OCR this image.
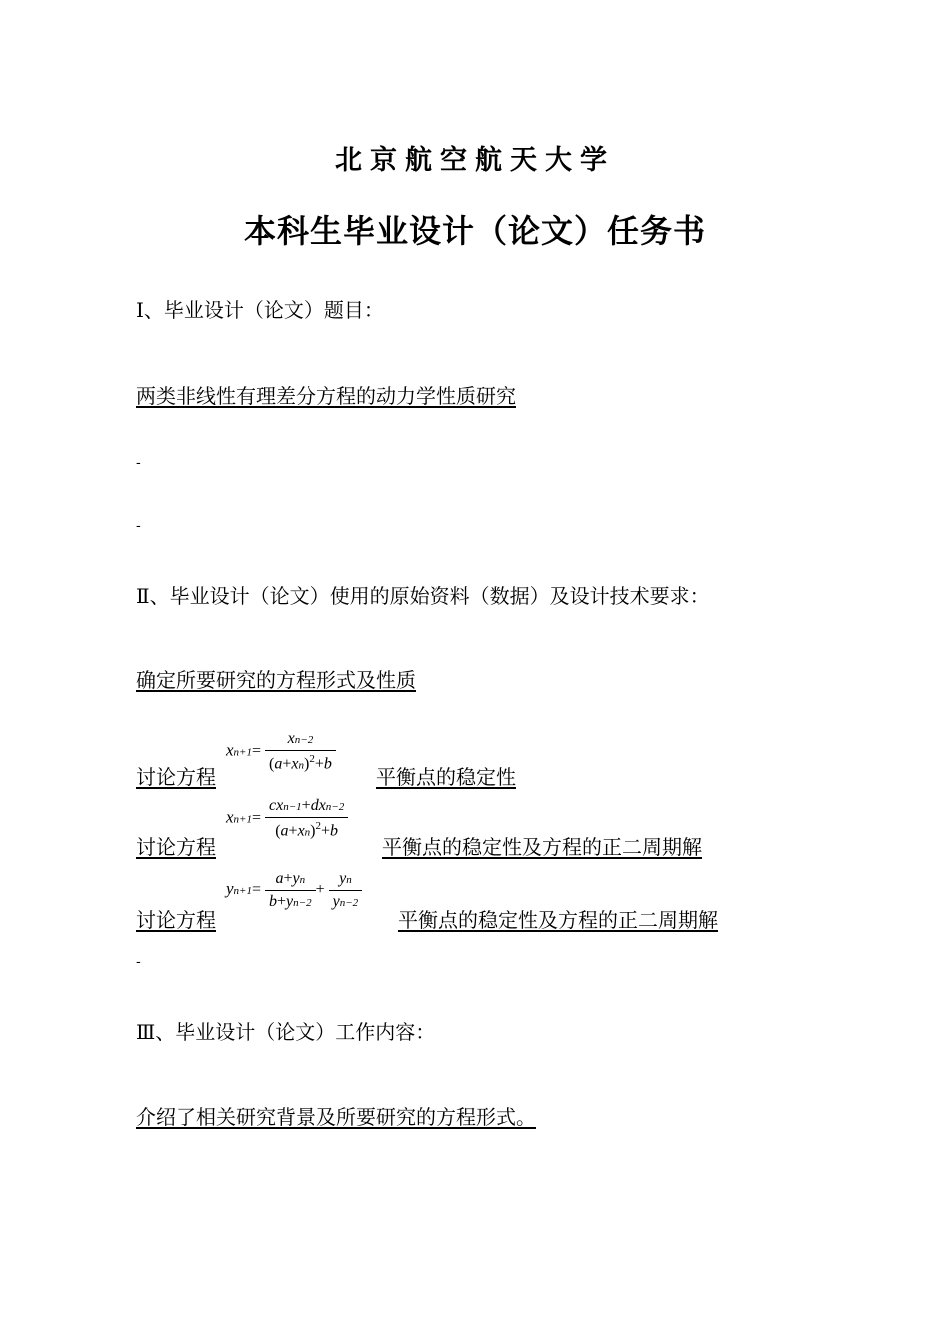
北京航空航天大学
本科生毕业设计（论文）任务书
Ⅰ、毕业设计（论文）题目：
两类非线性有理差分方程的动力学性质研究
-
-
Ⅱ、毕业设计（论文）使用的原始资料（数据）及设计技术要求：
确定所要研究的方程形式及性质
讨论方程
$xn+1= \frac{xn-2}{(a+xn)^2+b}$
平衡点的稳定性
讨论方程
$xn+1= \frac{\text{cxn−1+dxn−2}}{(a+xn)^2+b}$
平衡点的稳定性及方程的正二周期解
讨论方程
$yn+1= \frac{a+yn}{b+yn-2} + \frac{yn}{yn-2}$
平衡点的稳定性及方程的正二周期解
-
Ⅲ、毕业设计（论文）工作内容：
介绍了相关研究背景及所要研究的方程形式。
